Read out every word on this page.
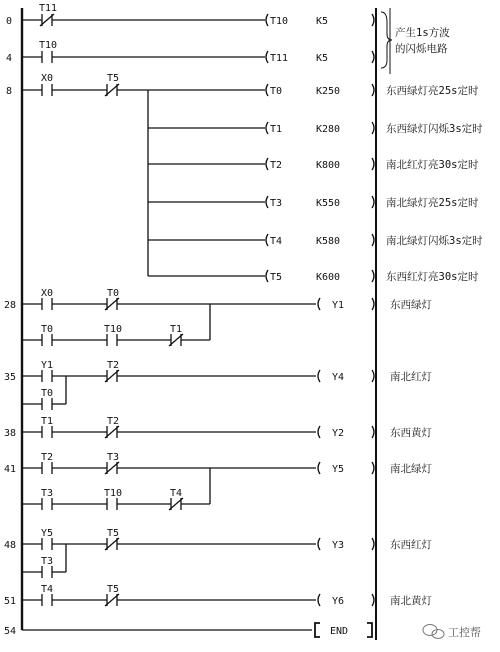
0
4
8
28
35
38
41
48
51
54
T11
T10
X0	T5
X0	T0
T0	T10	T1
Y1	T2
T0
T1	T2
T2	T3
T3	T10	T4
Y5	T5
T3
T4	T5
T10	K5
T11	K5
T0	K250
T1	K280
T2	K800
T3	K550
T4	K580
T5	K600
Y1
Y4
Y2
Y5
Y3
Y6
END
产生1s方波
的闪烁电路
东西绿灯亮25s定时
东西绿灯闪烁3s定时
南北红灯亮30s定时
南北绿灯亮25s定时
南北绿灯闪烁3s定时
东西红灯亮30s定时
东西绿灯
南北红灯
东西黄灯
南北绿灯
东西红灯
南北黄灯
工控帮
